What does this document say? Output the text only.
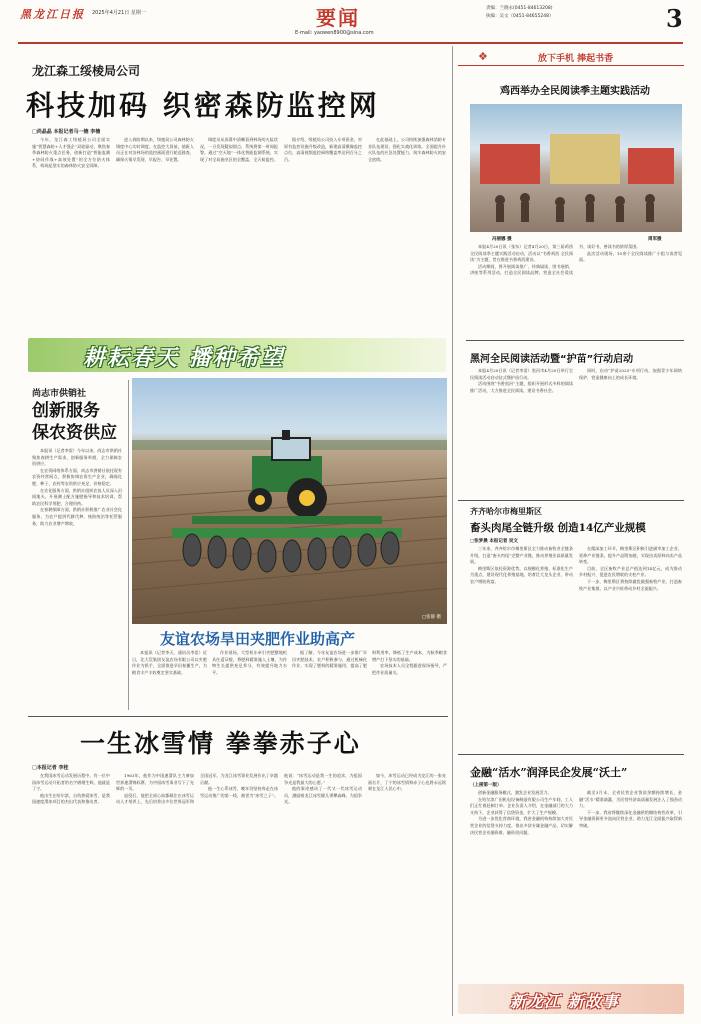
黑龙江日报 2025年4月21日 星期一	要闻
E-mail: yaowen8900@sina.com
责编：兰晓永(0451-84613208)
执编：吴文（0451-84655248）	3
龙江森工绥棱局公司
科技加码 织密森防监控网
□尚晶晶 本报记者马一楠 李楠

今年，龙江森工绥棱局公司全面实施“智慧森防+人才强企”双轮驱动，聚焦春季森林防火重点任务，创新打造“智能监测+协同作战+高效处置”的全方位防火体系，构筑起坚实的森林防火安全屏障。

进入春防期以来，绥棱局公司森林防火调度中心实时调度。在监控大屏前，值班人员正在对各林场的监控画面进行轮巡排查，确保火情早发现、早报告、早处置。

调度员从屏幕中清晰看到林场的火险状况，一旦发现疑似烟点，系统将第一时间报警。通过“空天地”一体化智能监测系统，实现了对全局施业区的全覆盖、全天候监控。

据介绍，绥棱局公司投入专项资金，对原有监控设施升级改造，新建高清摄像监控点位，高清视频监控网络覆盖率达到百分之百。

在此基础上，公司持续加强森林消防专业队伍建设，强化实战化训练，全面提升扑火队伍的应急处置能力，筑牢森林防火的安全底线。

耕耘春天 播种希望
尚志市供销社
创新服务 保农资供应

本报讯（记者李雷）今年以来，尚志市供销社聚焦春耕生产需求，创新服务举措，全力保障农资供应。

在农资网络体系方面，尚志市供销社依托现有农资经营网点，积极协调农资生产企业，确保化肥、种子、农药等农资供应充足、价格稳定。

在农化服务方面，供销社组织农技人员深入田间地头，开展测土配方施肥指导和技术培训，帮助农民科学用肥、合理用药。

在春耕保障方面，供销社积极推广农业社会化服务，为农户提供代耕代种、统防统治等托管服务，助力农业增产增收。

□张静 摄
友谊农场旱田夹肥作业助高产

本报讯（记者李天，通讯员李雷）近日，北大荒集团友谊农场有限公司以夹肥作业为抓手，全面推进旱田春播生产，为粮食丰产丰收奠定坚实基础。

作业现场，大型机车牵引夹肥整地机具往返穿梭，将肥料精准施入土壤，为作物生长提供充足养分，有效提升地力水平。

据了解，今年友谊农场进一步推广旱田夹肥技术，农户积极参与，通过机械化作业，实现了肥料的精准施用，提高了肥料利用率，降低了生产成本，为秋季粮食增产打下坚实的基础。

农场技术人员全程跟进现场指导，严把作业质量关。

一生冰雪情 拳拳赤子心
□本报记者 李桂

在我国冰雪运动发展历程中，有一位中国冰雪运动开拓者的名字熠熠生辉，他就是丁宁。

他出生在哈尔滨，自幼热爱冰雪，是我国速度滑冰项目的杰出代表和推动者。

1963年，他作为中国速滑队主力参加世界速滑锦标赛，为中国冰雪事业写下了光辉的一页。

退役后，他把全部心血都倾注在冰雪运动人才培养上，先后培养出多位世界冠军和全国冠军，为龙江冰雪事业发展作出了卓越贡献。

他一生心系冰雪，晚年仍坚持奔走在冰雪运动推广的第一线，被誉为“冰雪之子”。他说：“冰雪运动是我一生的追求，为祖国争光是我最大的心愿。”

他的事迹感动了一代又一代冰雪运动员，激励着龙江冰雪健儿勇攀高峰，为国争光。

如今，冰雪运动已经成为龙江的一张亮丽名片，丁宁的冰雪情和赤子心也将永远铭刻在龙江人民心中。

❖	放下手机 捧起书香
鸡西举办全民阅读季主题实践活动
冯丽娜 摄	周军摄

本报4月20日讯（张东）记者4月20日，第三届鸡西全民阅读季主题实践活动启动，活动以“书香鸡西 全民阅读”为主题，旨在推进书香鸡西建设。

活动期间，将开展阅读推广、经典诵读、图书展销、讲座等系列活动，打造全民阅读品牌，营造全社会爱读书、读好书、善读书的浓厚氛围。

此次活动现场，10余个全民阅读推广小组与读者见面。

黑河全民阅读活动暨“护苗”行动启动

本报4月20日讯（记者李雷）黑河市4月20日举行全民阅读活动启动仪式暨护苗行动。

活动围绕“书香黑河”主题，组织开展形式多样的阅读推广活动，大力推进全民阅读，建设书香社会。

同时，启动“护苗2025”专项行动，加强青少年网络保护，营造健康向上的成长环境。

齐齐哈尔市梅里斯区
畜头肉尾全链升级 创造14亿产业规模
□张梦晨 本报记者 吴文

三年来，齐齐哈尔市梅里斯区全力推动畜牧业全链条升级，打造“畜头肉尾”完整产业链，推动养殖业高质量发展。

梅里斯区依托资源优势，以规模化养殖、标准化生产为重点，建设现代化养殖基地，培育壮大龙头企业，带动农户增收致富。

在精深加工环节，梅里斯区积极引进屠宰加工企业，延伸产业链条，提升产品附加值，实现由卖原料向卖产品转变。

目前，全区畜牧产业总产值达到14亿元，成为推动乡村振兴、促进农民增收的支柱产业。

下一步，梅里斯区将持续做优做强畜牧产业，打造畜牧产业集群，以产业兴旺带动乡村全面振兴。

金融“活水”润泽民企发展“沃土”
（上接第一版）

创新金融服务模式，激发企业发展活力。

在哈尔滨广田机电设备制造有限公司生产车间，工人们正忙着赶制订单。企业负责人介绍，在金融部门的大力支持下，企业获得了信贷资金，扩大了生产规模。

为进一步优化营商环境，我省金融机构持续加大对民营企业的信贷支持力度，推出多款专属金融产品，切实解决民营企业融资难、融资贵问题。

截至3月末，全省民营企业贷款余额持续增长，金融“活水”精准滴灌，为民营经济高质量发展注入了强劲动力。

下一步，我省将继续深化金融供给侧结构性改革，引导金融资源更多流向民营企业，助力龙江全面振兴取得新突破。

新龙江 新故事
